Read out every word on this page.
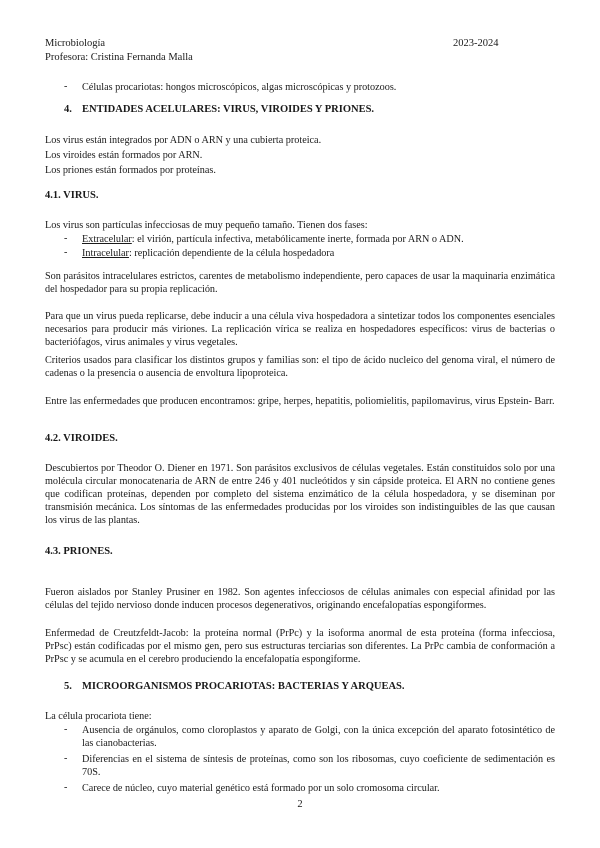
Microbiología	2023-2024
Profesora: Cristina Fernanda Malla
- Células procariotas: hongos microscópicos, algas microscópicas y protozoos.
4. ENTIDADES ACELULARES: VIRUS, VIROIDES Y PRIONES.
Los virus están integrados por ADN o ARN y una cubierta proteica.
Los viroides están formados por ARN.
Los priones están formados por proteínas.
4.1. VIRUS.
Los virus son partículas infecciosas de muy pequeño tamaño. Tienen dos fases:
- Extracelular: el virión, partícula infectiva, metabólicamente inerte, formada por ARN o ADN.
- Intracelular: replicación dependiente de la célula hospedadora

Son parásitos intracelulares estrictos, carentes de metabolismo independiente, pero capaces de usar la maquinaria enzimática del hospedador para su propia replicación.

Para que un virus pueda replicarse, debe inducir a una célula viva hospedadora a sintetizar todos los componentes esenciales necesarios para producir más viriones. La replicación vírica se realiza en hospedadores específicos: virus de bacterias o bacteriófagos, virus animales y virus vegetales.

Criterios usados para clasificar los distintos grupos y familias son: el tipo de ácido nucleico del genoma viral, el número de cadenas o la presencia o ausencia de envoltura lipoproteica.

Entre las enfermedades que producen encontramos: gripe, herpes, hepatitis, poliomielitis, papilomavirus, virus Epstein- Barr.

4.2. VIROIDES.

Descubiertos por Theodor O. Diener en 1971. Son parásitos exclusivos de células vegetales. Están constituidos solo por una molécula circular monocatenaria de ARN de entre 246 y 401 nucleótidos y sin cápside proteica. El ARN no contiene genes que codifican proteínas, dependen por completo del sistema enzimático de la célula hospedadora, y se diseminan por transmisión mecánica. Los síntomas de las enfermedades producidas por los viroides son indistinguibles de las que causan los virus de las plantas.

4.3. PRIONES.

Fueron aislados por Stanley Prusiner en 1982. Son agentes infecciosos de células animales con especial afinidad por las células del tejido nervioso donde inducen procesos degenerativos, originando encefalopatías espongiformes.

Enfermedad de Creutzfeldt-Jacob: la proteína normal (PrPc) y la isoforma anormal de esta proteína (forma infecciosa, PrPsc) están codificadas por el mismo gen, pero sus estructuras terciarias son diferentes. La PrPc cambia de conformación a PrPsc y se acumula en el cerebro produciendo la encefalopatía espongiforme.

5. MICROORGANISMOS PROCARIOTAS: BACTERIAS Y ARQUEAS.
La célula procariota tiene:
- Ausencia de orgánulos, como cloroplastos y aparato de Golgi, con la única excepción del aparato fotosintético de las cianobacterias.
- Diferencias en el sistema de síntesis de proteínas, como son los ribosomas, cuyo coeficiente de sedimentación es 70S.
- Carece de núcleo, cuyo material genético está formado por un solo cromosoma circular.
2
